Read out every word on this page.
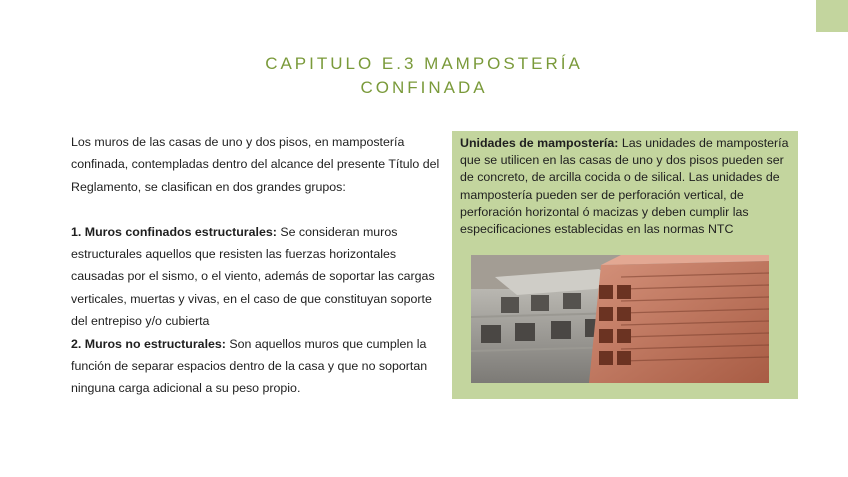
CAPITULO E.3 MAMPOSTERÍA
CONFINADA

Los muros de las casas de uno y dos pisos, en mampostería confinada, contempladas dentro del alcance del presente Título del Reglamento, se clasifican en dos grandes grupos:

1. Muros confinados estructurales: Se consideran muros estructurales aquellos que resisten las fuerzas horizontales causadas por el sismo, o el viento, además de soportar las cargas verticales, muertas y vivas, en el caso de que constituyan soporte del entrepiso y/o cubierta

2. Muros no estructurales: Son aquellos muros que cumplen la función de separar espacios dentro de la casa y que no soportan ninguna carga adicional a su peso propio.

Unidades de mampostería: Las unidades de mampostería que se utilicen en las casas de uno y dos pisos pueden ser de concreto, de arcilla cocida o de silical. Las unidades de mampostería pueden ser de perforación vertical, de perforación horizontal ó macizas y deben cumplir las especificaciones establecidas en las normas NTC
